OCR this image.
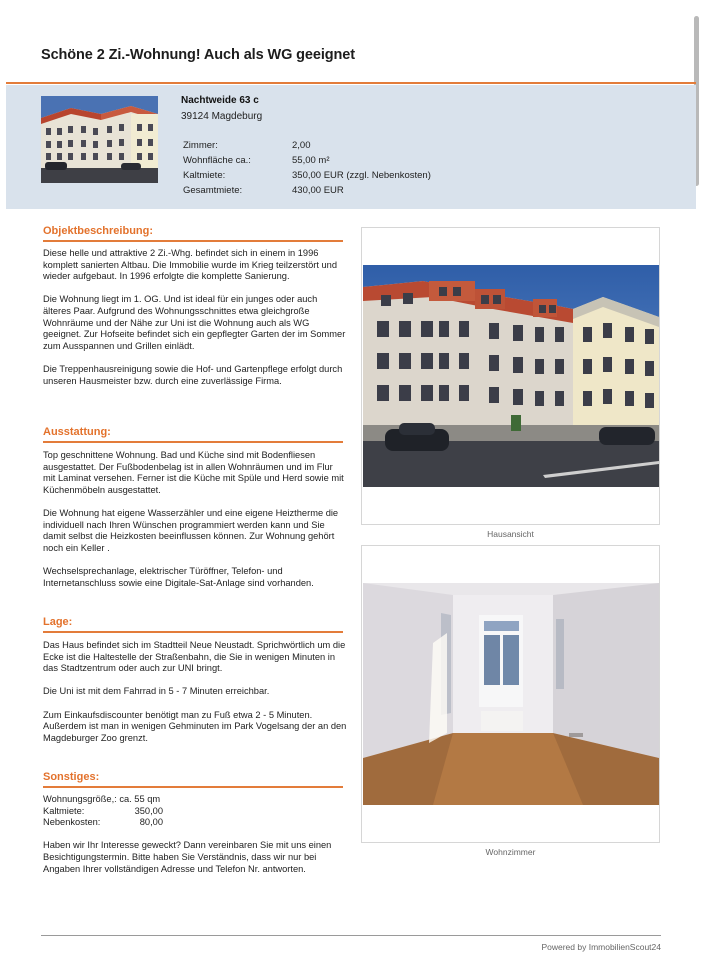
Schöne 2 Zi.-Wohnung! Auch als WG geeignet
Nachtweide 63 c
39124 Magdeburg
Zimmer:	2,00
Wohnfläche ca.:	55,00 m²
Kaltmiete:	350,00 EUR (zzgl. Nebenkosten)
Gesamtmiete:	430,00 EUR
Objektbeschreibung:

Diese helle und attraktive 2 Zi.-Whg. befindet sich in einem in 1996 komplett sanierten Altbau. Die Immobilie wurde im Krieg teilzerstört und wieder aufgebaut. In 1996 erfolgte die komplette Sanierung.

Die Wohnung liegt im 1. OG. Und ist ideal für ein junges oder auch älteres Paar. Aufgrund des Wohnungsschnittes etwa gleichgroße Wohnräume und der Nähe zur Uni ist die Wohnung auch als WG geeignet. Zur Hofseite befindet sich ein gepflegter Garten der im Sommer zum Ausspannen und Grillen einlädt.

Die Treppenhausreinigung sowie die Hof- und Gartenpflege erfolgt durch unseren Hausmeister bzw. durch eine zuverlässige Firma.

Ausstattung:

Top geschnittene Wohnung. Bad und Küche sind mit Bodenfliesen ausgestattet. Der Fußbodenbelag ist in allen Wohnräumen und im Flur mit Laminat versehen. Ferner ist die Küche mit Spüle und Herd sowie mit Küchenmöbeln ausgestattet.

Die Wohnung hat eigene Wasserzähler und eine eigene Heiztherme die individuell nach Ihren Wünschen programmiert werden kann und Sie damit selbst die Heizkosten beeinflussen können. Zur Wohnung gehört noch ein Keller .

Wechselsprechanlage, elektrischer Türöffner, Telefon- und Internetanschluss sowie eine Digitale-Sat-Anlage sind vorhanden.

Lage:

Das Haus befindet sich im Stadtteil Neue Neustadt. Sprichwörtlich um die Ecke ist die Haltestelle der Straßenbahn, die Sie in wenigen Minuten in das Stadtzentrum oder auch zur UNI bringt.

Die Uni ist mit dem Fahrrad in 5 - 7 Minuten erreichbar.

Zum Einkaufsdiscounter benötigt man zu Fuß etwa 2 - 5 Minuten. Außerdem ist man in wenigen Gehminuten im Park Vogelsang der an den Magdeburger Zoo grenzt.

Sonstiges:
Wohnungsgröße,: ca. 55 qm
Kaltmiete:	350,00
Nebenkosten:	80,00

Haben wir Ihr Interesse geweckt? Dann vereinbaren Sie mit uns einen Besichtigungstermin. Bitte haben Sie Verständnis, dass wir nur bei Angaben Ihrer vollständigen Adresse und Telefon Nr. antworten.

Hausansicht
Wohnzimmer
Powered by ImmobilienScout24
